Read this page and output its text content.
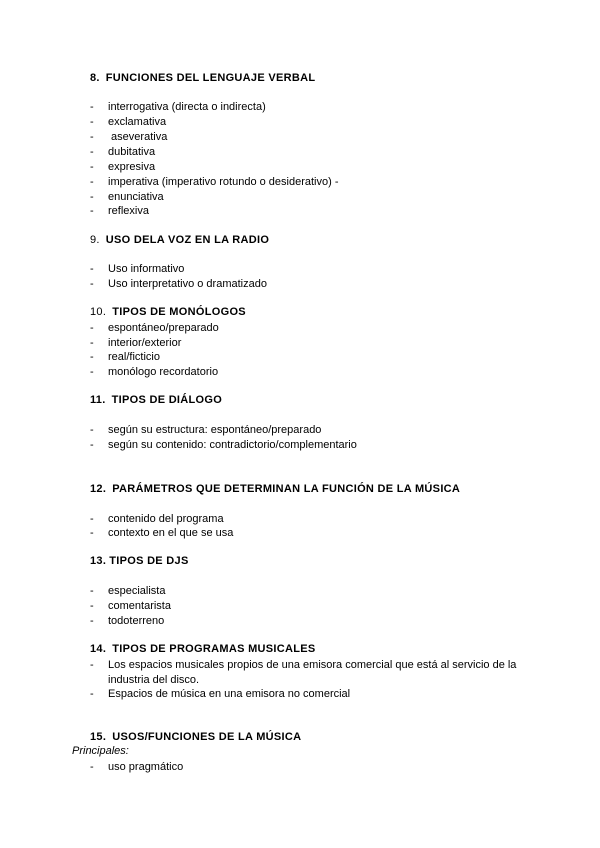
8. FUNCIONES DEL LENGUAJE VERBAL
- interrogativa (directa o indirecta)
- exclamativa
- aseverativa
- dubitativa
- expresiva
- imperativa (imperativo rotundo o desiderativo) -
- enunciativa
- reflexiva
9. USO DELA VOZ EN LA RADIO
- Uso informativo
- Uso interpretativo o dramatizado
10. TIPOS DE MONÓLOGOS
- espontáneo/preparado
- interior/exterior
- real/ficticio
- monólogo recordatorio
11. TIPOS DE DIÁLOGO
- según su estructura: espontáneo/preparado
- según su contenido: contradictorio/complementario
12. PARÁMETROS QUE DETERMINAN LA FUNCIÓN DE LA MÚSICA
- contenido del programa
- contexto en el que se usa
13. TIPOS DE DJS
- especialista
- comentarista
- todoterreno
14. TIPOS DE PROGRAMAS MUSICALES
- Los espacios musicales propios de una emisora comercial que está al servicio de la industria del disco.
- Espacios de música en una emisora no comercial
15. USOS/FUNCIONES DE LA MÚSICA
Principales:
- uso pragmático
